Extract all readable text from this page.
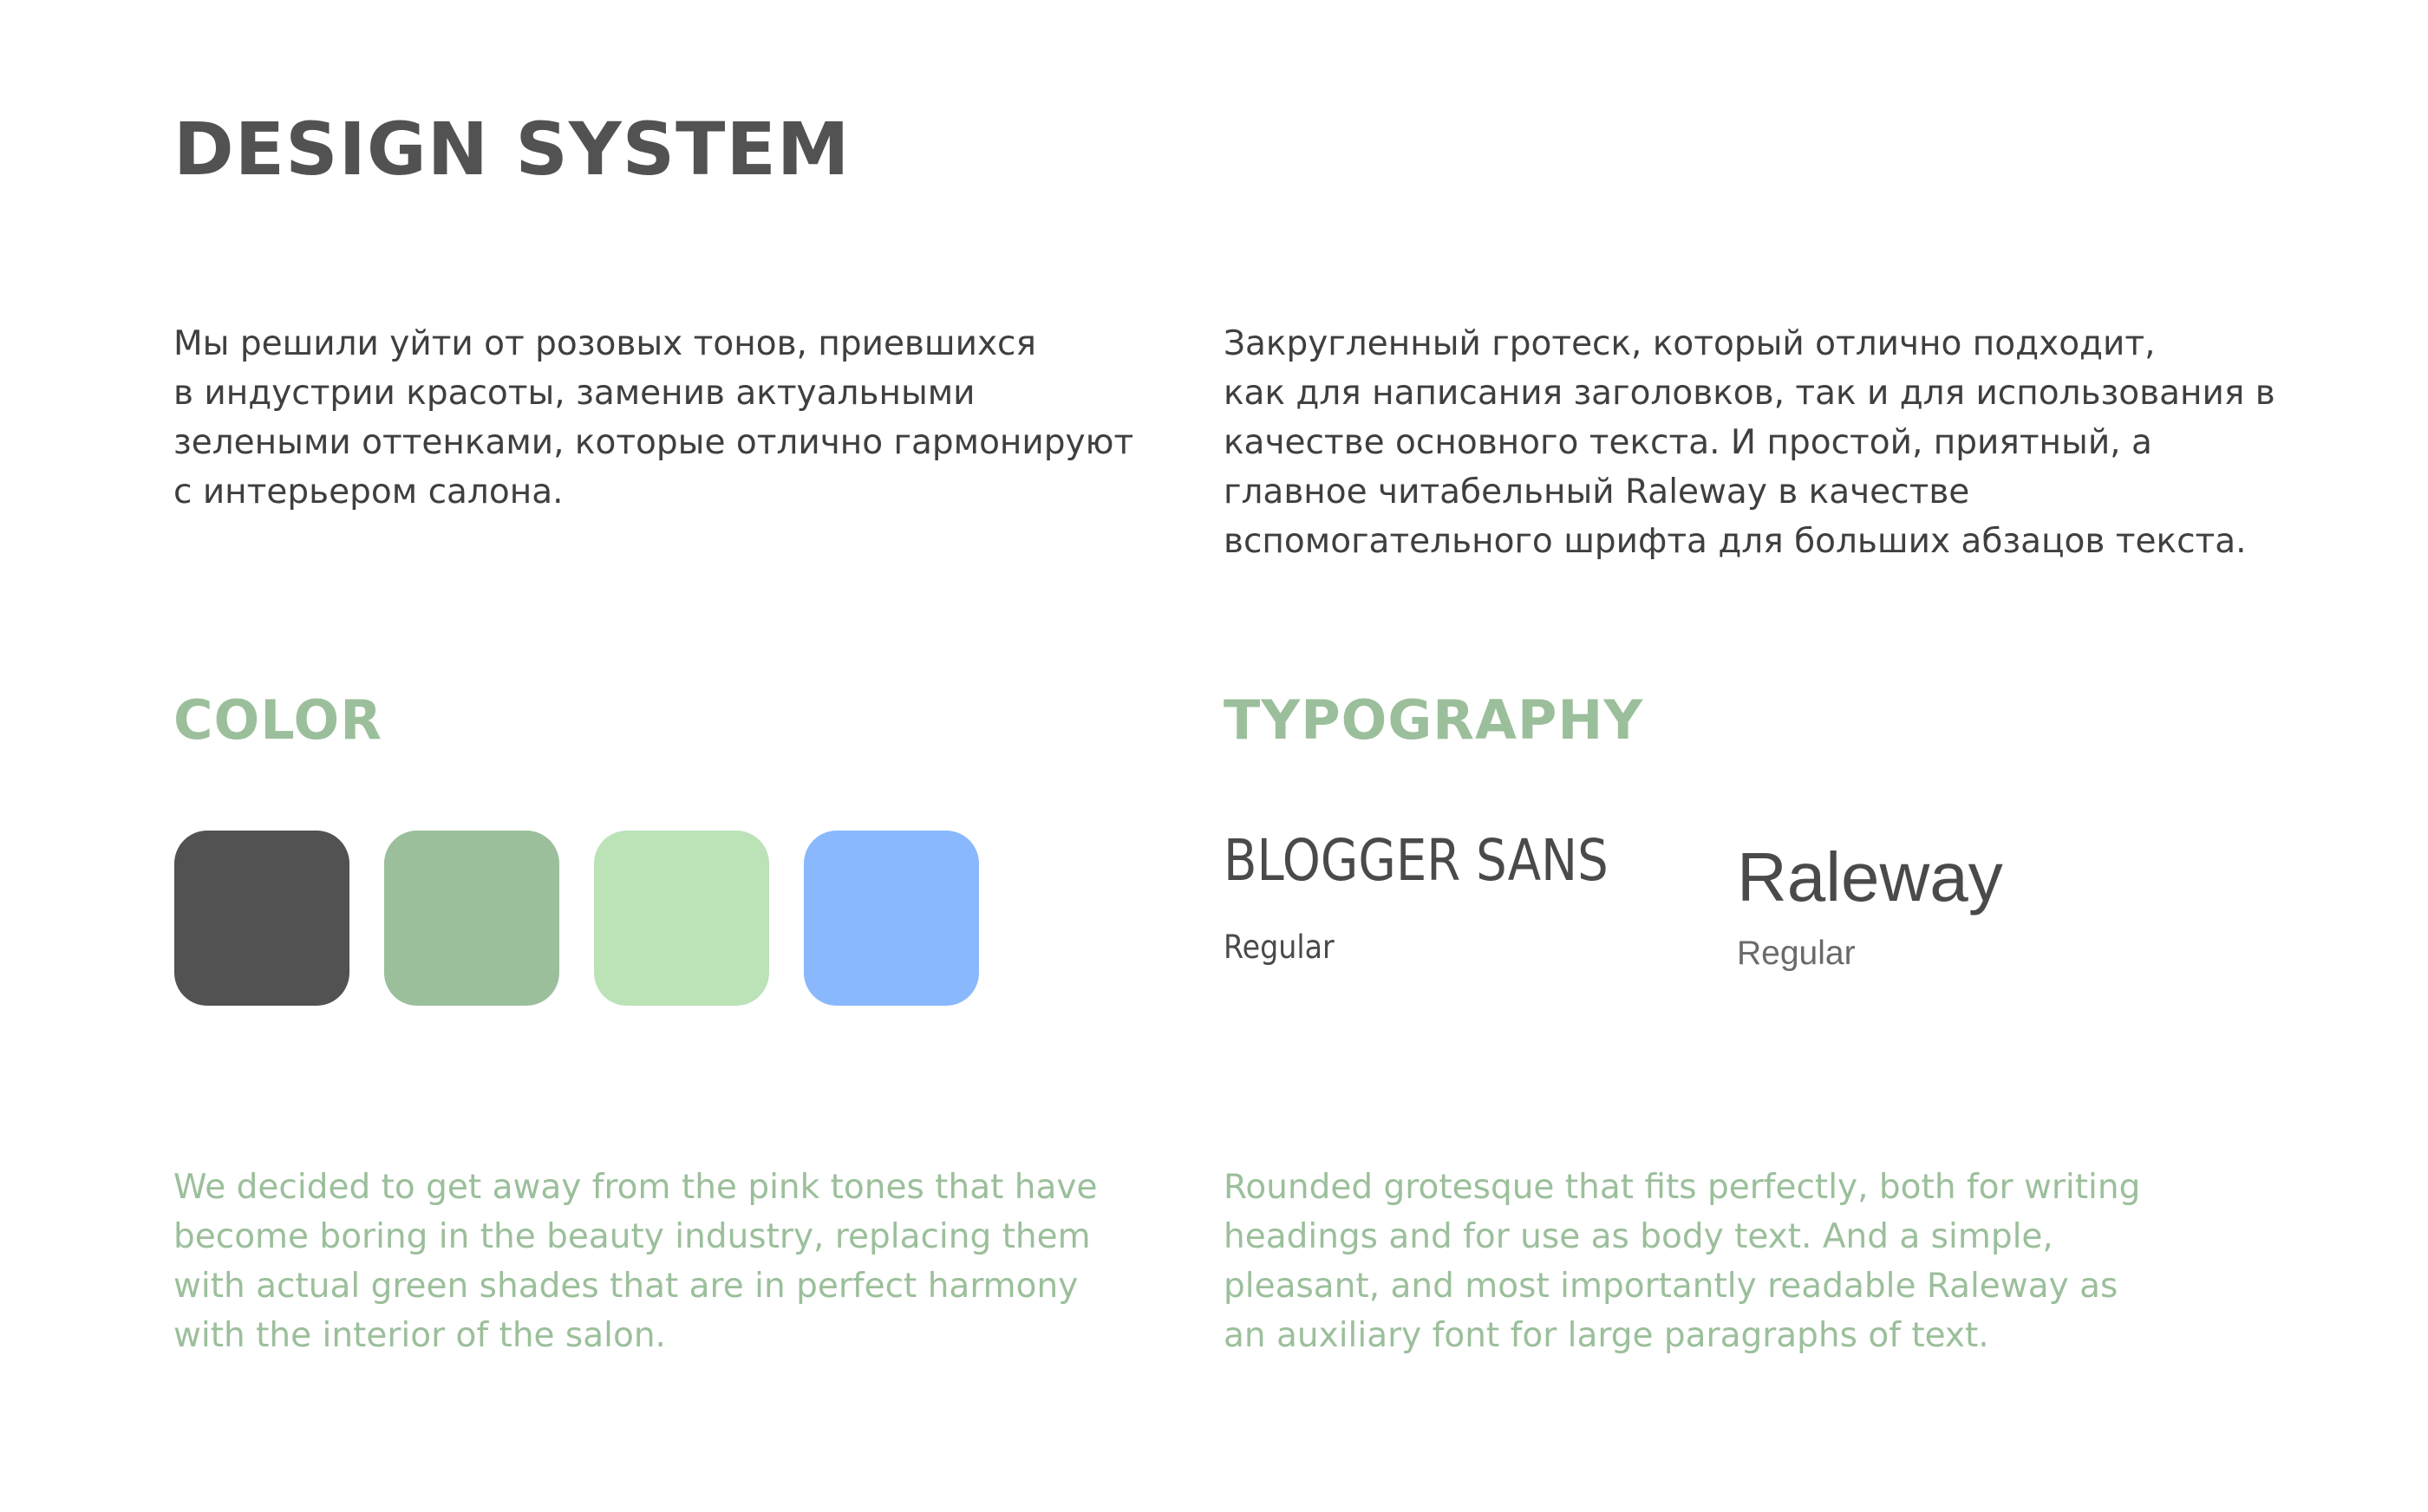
DESIGN SYSTEM

Мы решили уйти от розовых тонов, приевшихся
в индустрии красоты, заменив актуальными
зелеными оттенками, которые отлично гармонируют
с интерьером салона.

Закругленный гротеск, который отлично подходит,
как для написания заголовков, так и для использования в
качестве основного текста. И простой, приятный, а
главное читабельный Raleway в качестве
вспомогательного шрифта для больших абзацов текста.

COLOR	TYPOGRAPHY
BLOGGER SANS
Regular
Raleway
Regular

We decided to get away from the pink tones that have
become boring in the beauty industry, replacing them
with actual green shades that are in perfect harmony
with the interior of the salon.

Rounded grotesque that fits perfectly, both for writing
headings and for use as body text. And a simple,
pleasant, and most importantly readable Raleway as
an auxiliary font for large paragraphs of text.
